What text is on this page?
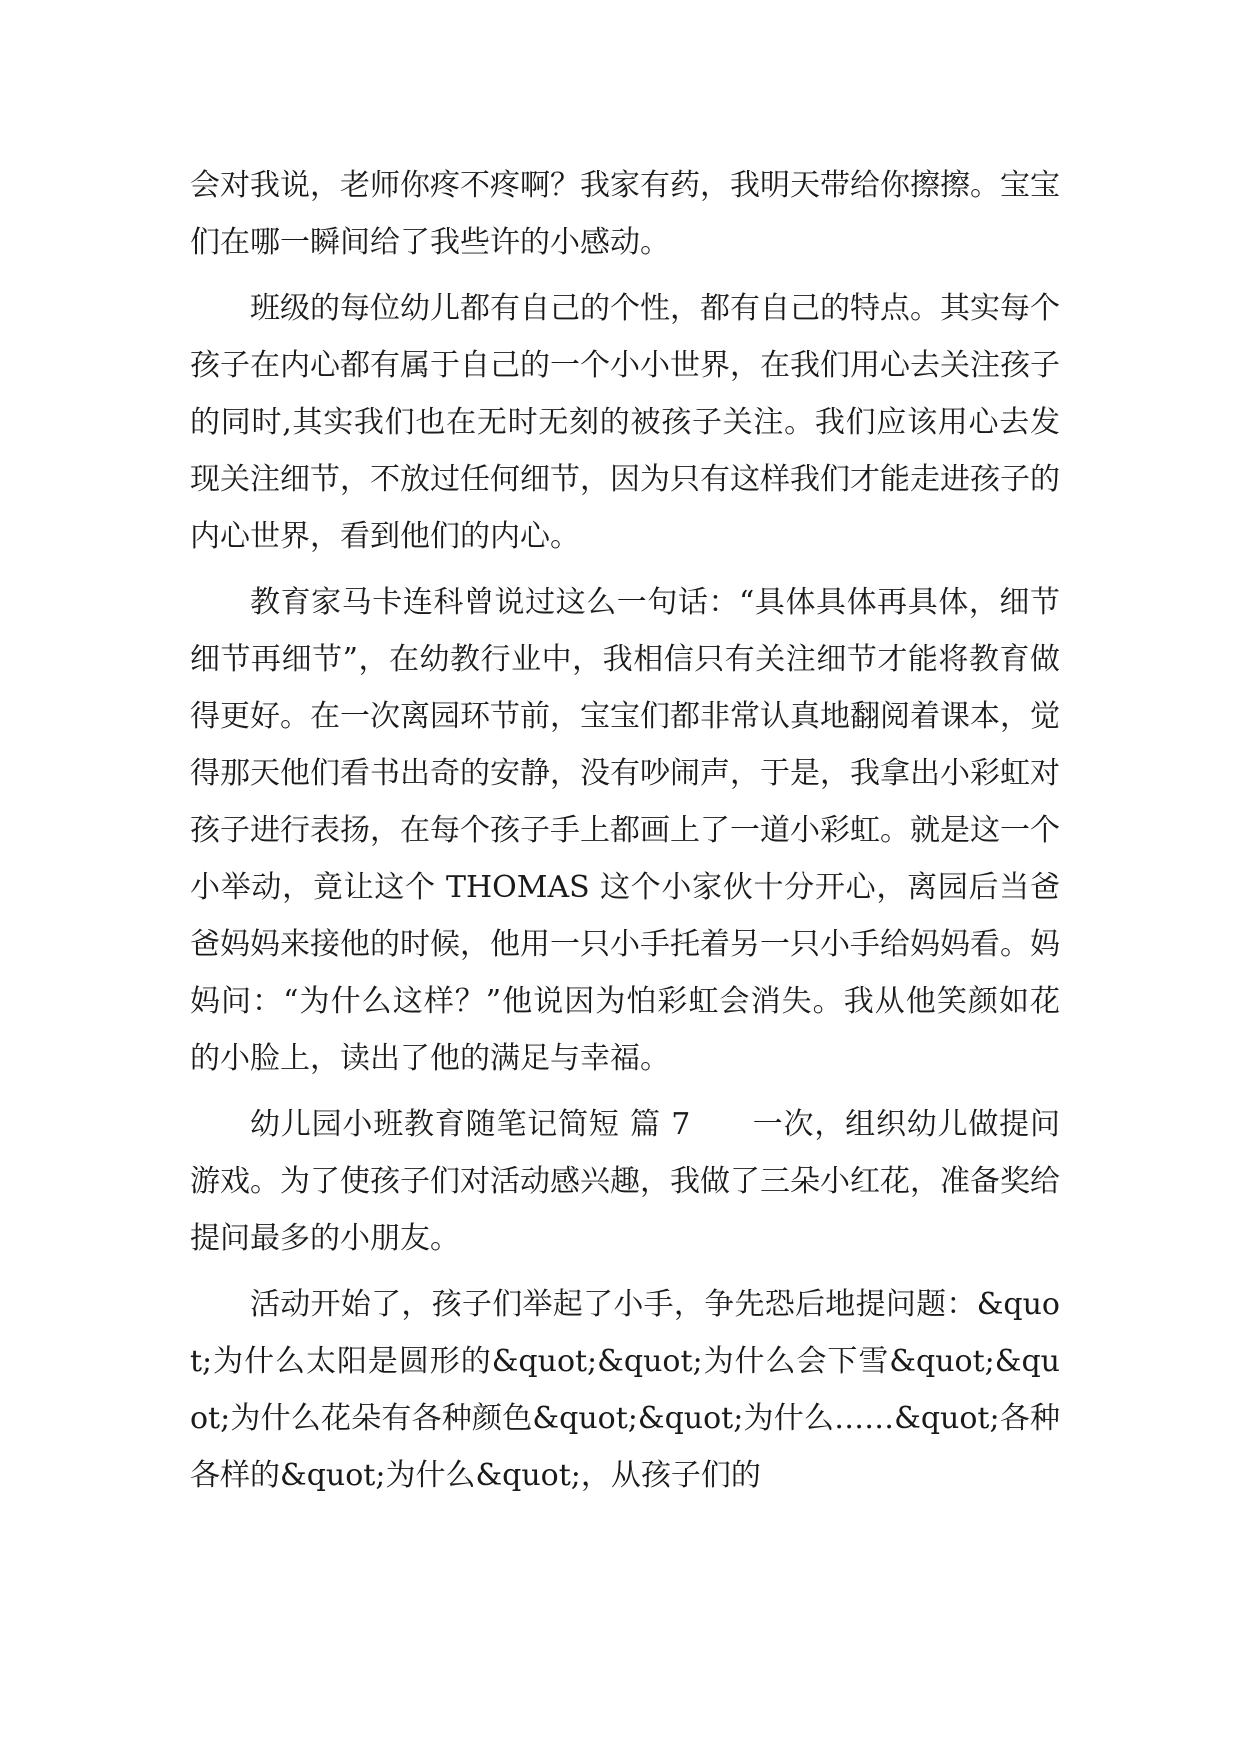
会对我说，老师你疼不疼啊？我家有药，我明天带给你擦擦。宝宝们在哪一瞬间给了我些许的小感动。

班级的每位幼儿都有自己的个性，都有自己的特点。其实每个孩子在内心都有属于自己的一个小小世界，在我们用心去关注孩子的同时,其实我们也在无时无刻的被孩子关注。我们应该用心去发现关注细节，不放过任何细节，因为只有这样我们才能走进孩子的内心世界，看到他们的内心。

教育家马卡连科曾说过这么一句话：“具体具体再具体，细节细节再细节”，在幼教行业中，我相信只有关注细节才能将教育做得更好。在一次离园环节前，宝宝们都非常认真地翻阅着课本，觉得那天他们看书出奇的安静，没有吵闹声，于是，我拿出小彩虹对孩子进行表扬，在每个孩子手上都画上了一道小彩虹。就是这一个小举动，竟让这个 THOMAS 这个小家伙十分开心，离园后当爸爸妈妈来接他的时候，他用一只小手托着另一只小手给妈妈看。妈妈问：“为什么这样？”他说因为怕彩虹会消失。我从他笑颜如花的小脸上，读出了他的满足与幸福。

幼儿园小班教育随笔记简短 篇 7　　一次，组织幼儿做提问游戏。为了使孩子们对活动感兴趣，我做了三朵小红花，准备奖给提问最多的小朋友。

活动开始了，孩子们举起了小手，争先恐后地提问题：&quot;为什么太阳是圆形的&quot;&quot;为什么会下雪&quot;&quot;为什么花朵有各种颜色&quot;&quot;为什么……&quot;各种各样的&quot;为什么&quot;，从孩子们的
